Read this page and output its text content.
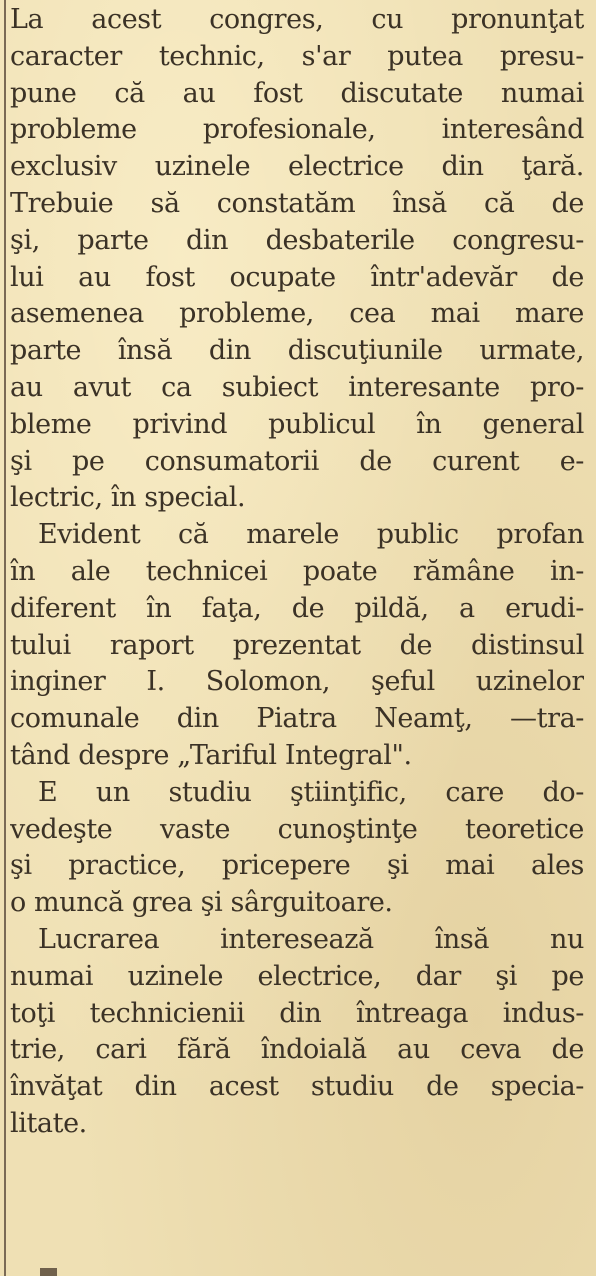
La acest congres, cu pronunţat
caracter technic, s'ar putea presu-
pune că au fost discutate numai
probleme profesionale, interesând
exclusiv uzinele electrice din ţară.
Trebuie să constatăm însă că de
şi, parte din desbaterile congresu-
lui au fost ocupate într'adevăr de
asemenea probleme, cea mai mare
parte însă din discuţiunile urmate,
au avut ca subiect interesante pro-
bleme privind publicul în general
şi pe consumatorii de curent e-
lectric, în special.
Evident că marele public profan
în ale technicei poate rămâne in-
diferent în faţa, de pildă, a erudi-
tului raport prezentat de distinsul
inginer I. Solomon, şeful uzinelor
comunale din Piatra Neamţ, —tra-
tând despre „Tariful Integral".
E un studiu ştiinţific, care do-
vedeşte vaste cunoştinţe teoretice
şi practice, pricepere şi mai ales
o muncă grea şi sârguitoare.
Lucrarea interesează însă nu
numai uzinele electrice, dar şi pe
toţi technicienii din întreaga indus-
trie, cari fără îndoială au ceva de
învăţat din acest studiu de specia-
litate.
